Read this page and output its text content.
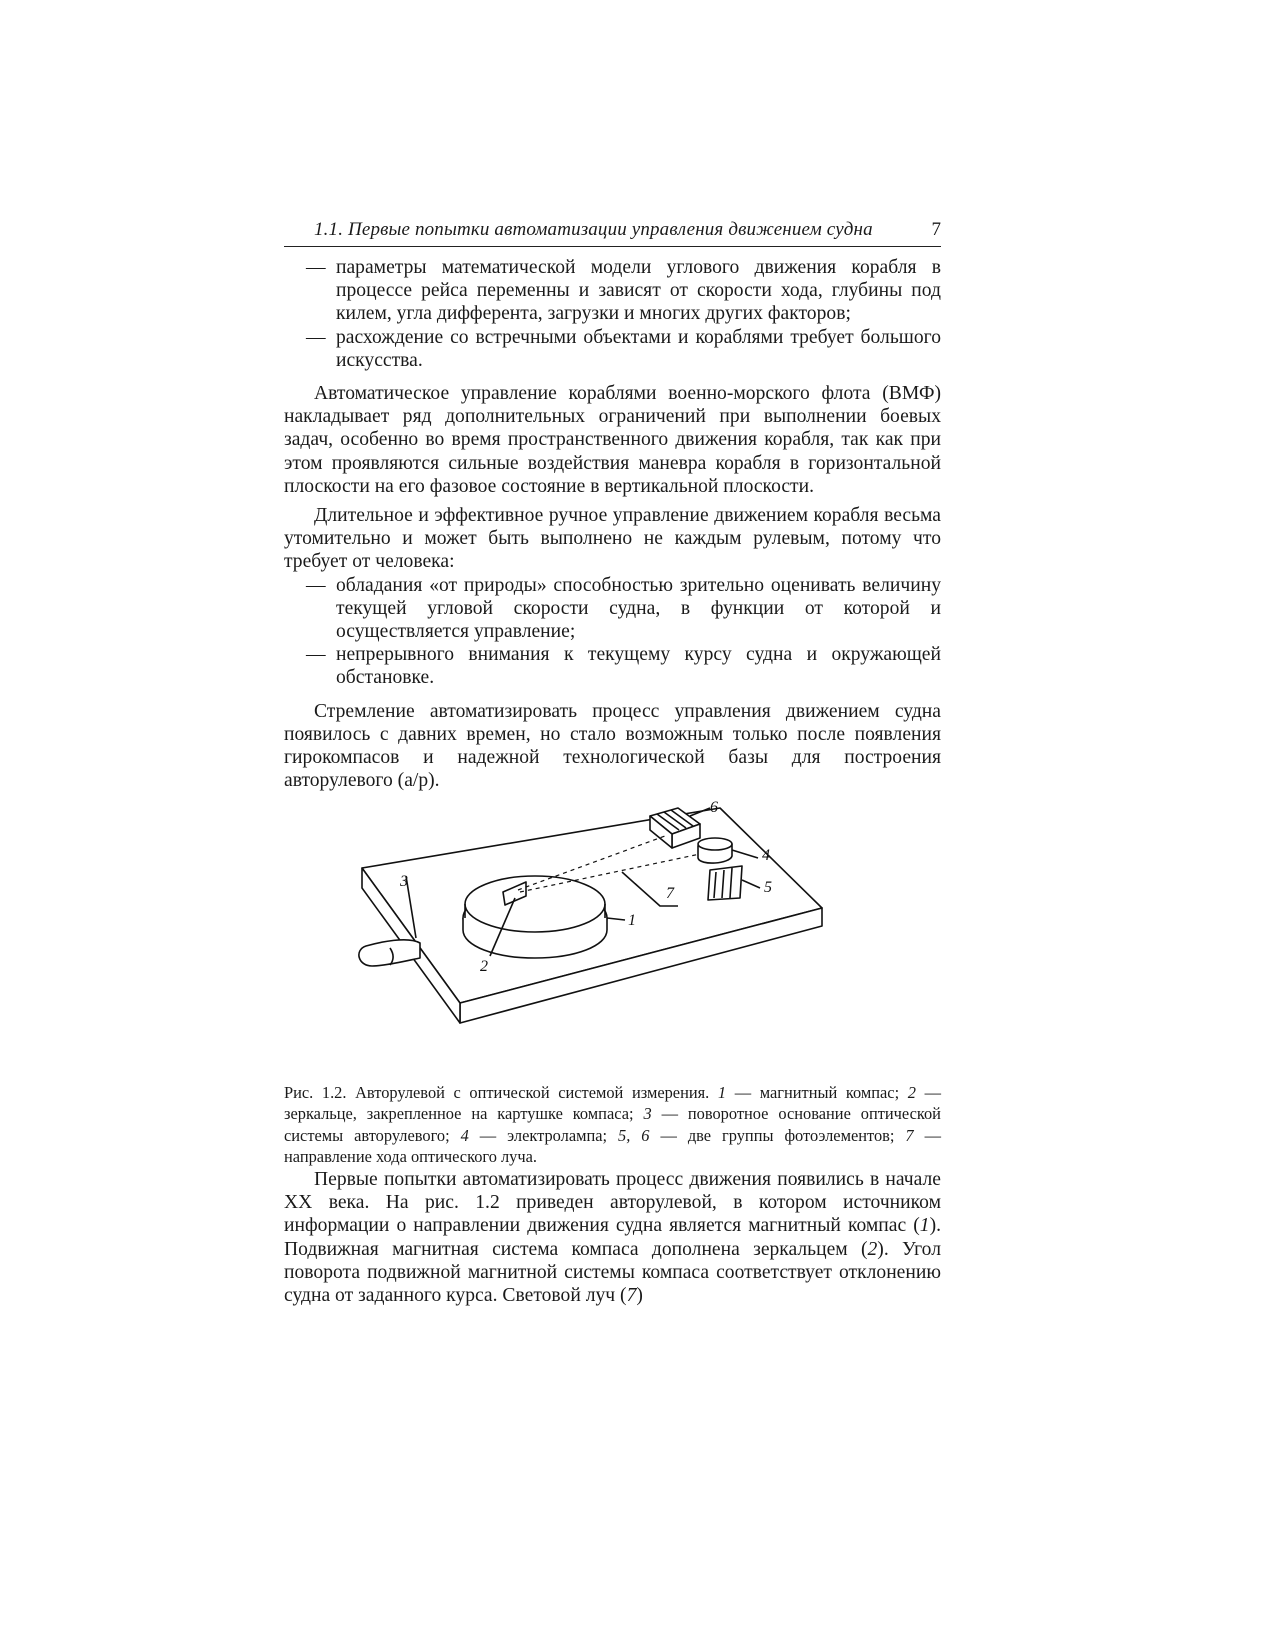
1.1. Первые попытки автоматизации управления движением судна	7
— параметры математической модели углового движения корабля в процессе рейса переменны и зависят от скорости хода, глубины под килем, угла дифферента, загрузки и многих других факторов;
— расхождение со встречными объектами и кораблями требует большого искусства.

Автоматическое управление кораблями военно-морского флота (ВМФ) накладывает ряд дополнительных ограничений при выполнении боевых задач, особенно во время пространственного движения корабля, так как при этом проявляются сильные воздействия маневра корабля в горизонтальной плоскости на его фазовое состояние в вертикальной плоскости.

Длительное и эффективное ручное управление движением корабля весьма утомительно и может быть выполнено не каждым рулевым, потому что требует от человека:

— обладания «от природы» способностью зрительно оценивать величину текущей угловой скорости судна, в функции от которой и осуществляется управление;
— непрерывного внимания к текущему курсу судна и окружающей обстановке.

Стремление автоматизировать процесс управления движением судна появилось с давних времен, но стало возможным только после появления гирокомпасов и надежной технологической базы для построения авторулевого (а/р).

1
2
3
4
5
6
7
Рис. 1.2. Авторулевой с оптической системой измерения. 1 — магнитный компас; 2 — зеркальце, закрепленное на картушке компаса; 3 — поворотное основание оптической системы авторулевого; 4 — электролампа; 5, 6 — две группы фотоэлементов; 7 — направление хода оптического луча.

Первые попытки автоматизировать процесс движения появились в начале XX века. На рис. 1.2 приведен авторулевой, в котором источником информации о направлении движения судна является магнитный компас (1). Подвижная магнитная система компаса дополнена зеркальцем (2). Угол поворота подвижной магнитной системы компаса соответствует отклонению судна от заданного курса. Световой луч (7)
